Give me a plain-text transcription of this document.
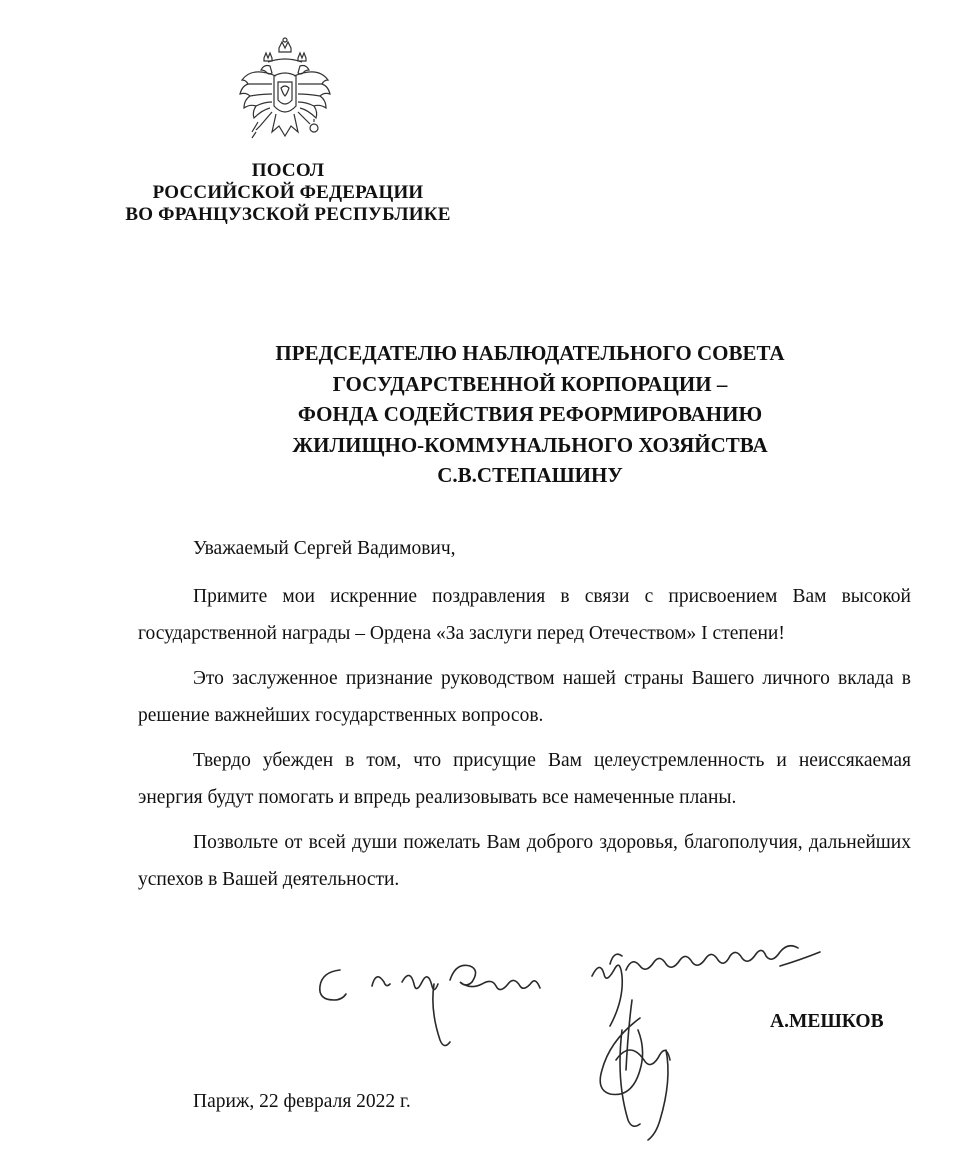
ПОСОЛ
РОССИЙСКОЙ ФЕДЕРАЦИИ
ВО ФРАНЦУЗСКОЙ РЕСПУБЛИКЕ
ПРЕДСЕДАТЕЛЮ НАБЛЮДАТЕЛЬНОГО СОВЕТА
ГОСУДАРСТВЕННОЙ КОРПОРАЦИИ –
ФОНДА СОДЕЙСТВИЯ РЕФОРМИРОВАНИЮ
ЖИЛИЩНО-КОММУНАЛЬНОГО ХОЗЯЙСТВА
С.В.СТЕПАШИНУ
Уважаемый Сергей Вадимович,

Примите мои искренние поздравления в связи с присвоением Вам высокой государственной награды – Ордена «За заслуги перед Отечеством» I степени!

Это заслуженное признание руководством нашей страны Вашего личного вклада в решение важнейших государственных вопросов.

Твердо убежден в том, что присущие Вам целеустремленность и неиссякаемая энергия будут помогать и впредь реализовывать все намеченные планы.

Позвольте от всей души пожелать Вам доброго здоровья, благополучия, дальнейших успехов в Вашей деятельности.

А.МЕШКОВ
Париж, 22 февраля 2022 г.
